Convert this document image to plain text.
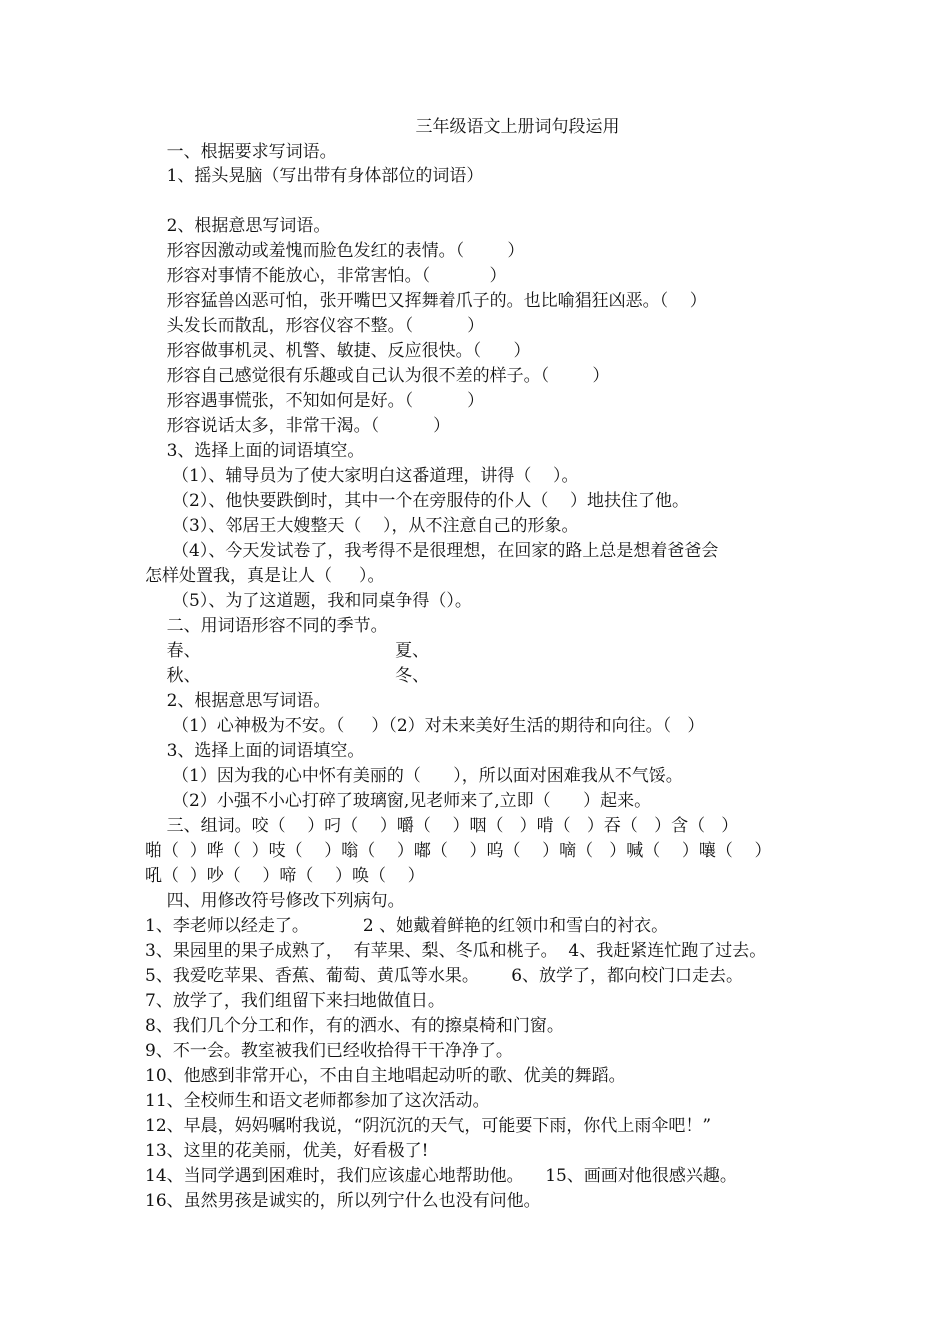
三年级语文上册词句段运用

一、根据要求写词语。

1、摇头晃脑（写出带有身体部位的词语）

2、根据意思写词语。

形容因激动或羞愧而脸色发红的表情。（        ）

形容对事情不能放心，非常害怕。（           ）

形容猛兽凶恶可怕，张开嘴巴又挥舞着爪子的。也比喻猖狂凶恶。（    ）

头发长而散乱，形容仪容不整。（          ）

形容做事机灵、机警、敏捷、反应很快。（      ）

形容自己感觉很有乐趣或自己认为很不差的样子。（        ）

形容遇事慌张，不知如何是好。（          ）

形容说话太多，非常干渴。（          ）

3、选择上面的词语填空。

（1）、辅导员为了使大家明白这番道理，讲得（    ）。

（2）、他快要跌倒时，其中一个在旁服侍的仆人（    ）地扶住了他。

（3）、邻居王大嫂整天（    ），从不注意自己的形象。

（4）、今天发试卷了，我考得不是很理想，在回家的路上总是想着爸爸会

怎样处置我，真是让人（     ）。

（5）、为了这道题，我和同桌争得（）。

二、用词语形容不同的季节。

春、                                    夏、

秋、                                    冬、

2、根据意思写词语。

（1）心神极为不安。（     ）（2）对未来美好生活的期待和向往。（   ）

3、选择上面的词语填空。

（1）因为我的心中怀有美丽的（      ），所以面对困难我从不气馁。

（2）小强不小心打碎了玻璃窗,见老师来了,立即（      ）起来。

三、组词。咬（    ）叼（    ）嚼（    ）咽（   ）啃（   ）吞（   ）含（   ）

啪（  ）哗（  ）吱（    ）嗡（    ）嘟（    ）呜（    ）嘀（   ）喊（    ）嚷（    ）

吼（  ）吵（    ）啼（    ）唤（    ）

四、用修改符号修改下列病句。

1、李老师以经走了。          2 、她戴着鲜艳的红领巾和雪白的衬衣。

3、果园里的果子成熟了，  有苹果、梨、冬瓜和桃子。  4、我赶紧连忙跑了过去。

5、我爱吃苹果、香蕉、葡萄、黄瓜等水果。      6、放学了，都向校门口走去。

7、放学了，我们组留下来扫地做值日。

8、我们几个分工和作，有的洒水、有的擦桌椅和门窗。

9、不一会。教室被我们已经收拾得干干净净了。

10、他感到非常开心，不由自主地唱起动听的歌、优美的舞蹈。

11、全校师生和语文老师都参加了这次活动。

12、早晨，妈妈嘱咐我说，“阴沉沉的天气，可能要下雨，你代上雨伞吧！”

13、这里的花美丽，优美，好看极了!

14、当同学遇到困难时，我们应该虚心地帮助他。    15、画画对他很感兴趣。

16、虽然男孩是诚实的，所以列宁什么也没有问他。
